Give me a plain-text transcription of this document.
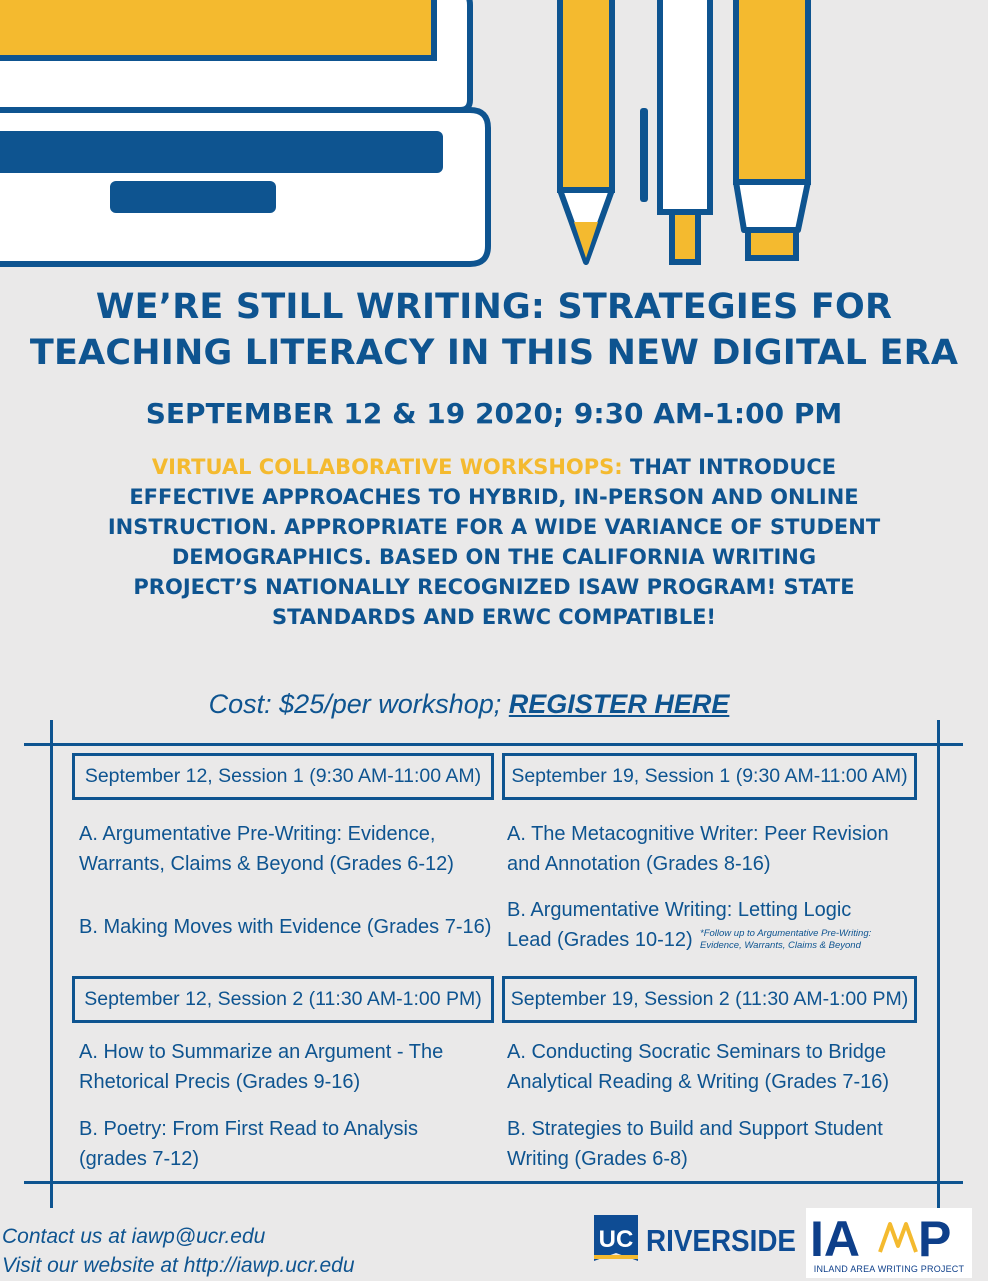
WE’RE STILL WRITING: STRATEGIES FOR
TEACHING LITERACY IN THIS NEW DIGITAL ERA
SEPTEMBER 12 & 19 2020; 9:30 AM-1:00 PM
VIRTUAL COLLABORATIVE WORKSHOPS: THAT INTRODUCE
EFFECTIVE APPROACHES TO HYBRID, IN-PERSON AND ONLINE
INSTRUCTION. APPROPRIATE FOR A WIDE VARIANCE OF STUDENT
DEMOGRAPHICS. BASED ON THE CALIFORNIA WRITING
PROJECT’S NATIONALLY RECOGNIZED ISAW PROGRAM! STATE
STANDARDS AND ERWC COMPATIBLE!
Cost: $25/per workshop; REGISTER HERE
September 12, Session 1 (9:30 AM-11:00 AM) September 19, Session 1 (9:30 AM-11:00 AM)

A. Argumentative Pre-Writing: Evidence,
Warrants, Claims & Beyond (Grades 6-12)

B. Making Moves with Evidence (Grades 7-16)

A. The Metacognitive Writer: Peer Revision
and Annotation (Grades 8-16)

B. Argumentative Writing: Letting Logic
Lead (Grades 10-12) *Follow up to Argumentative Pre-Writing:
Evidence, Warrants, Claims & Beyond
September 12, Session 2 (11:30 AM-1:00 PM) September 19, Session 2 (11:30 AM-1:00 PM)

A. How to Summarize an Argument - The
Rhetorical Precis (Grades 9-16)

B. Poetry: From First Read to Analysis
(grades 7-12)

A. Conducting Socratic Seminars to Bridge
Analytical Reading & Writing (Grades 7-16)

B. Strategies to Build and Support Student
Writing (Grades 6-8)

Contact us at iawp@ucr.edu
Visit our website at http://iawp.ucr.edu
UC RIVERSIDE IA P
INLAND AREA WRITING PROJECT
